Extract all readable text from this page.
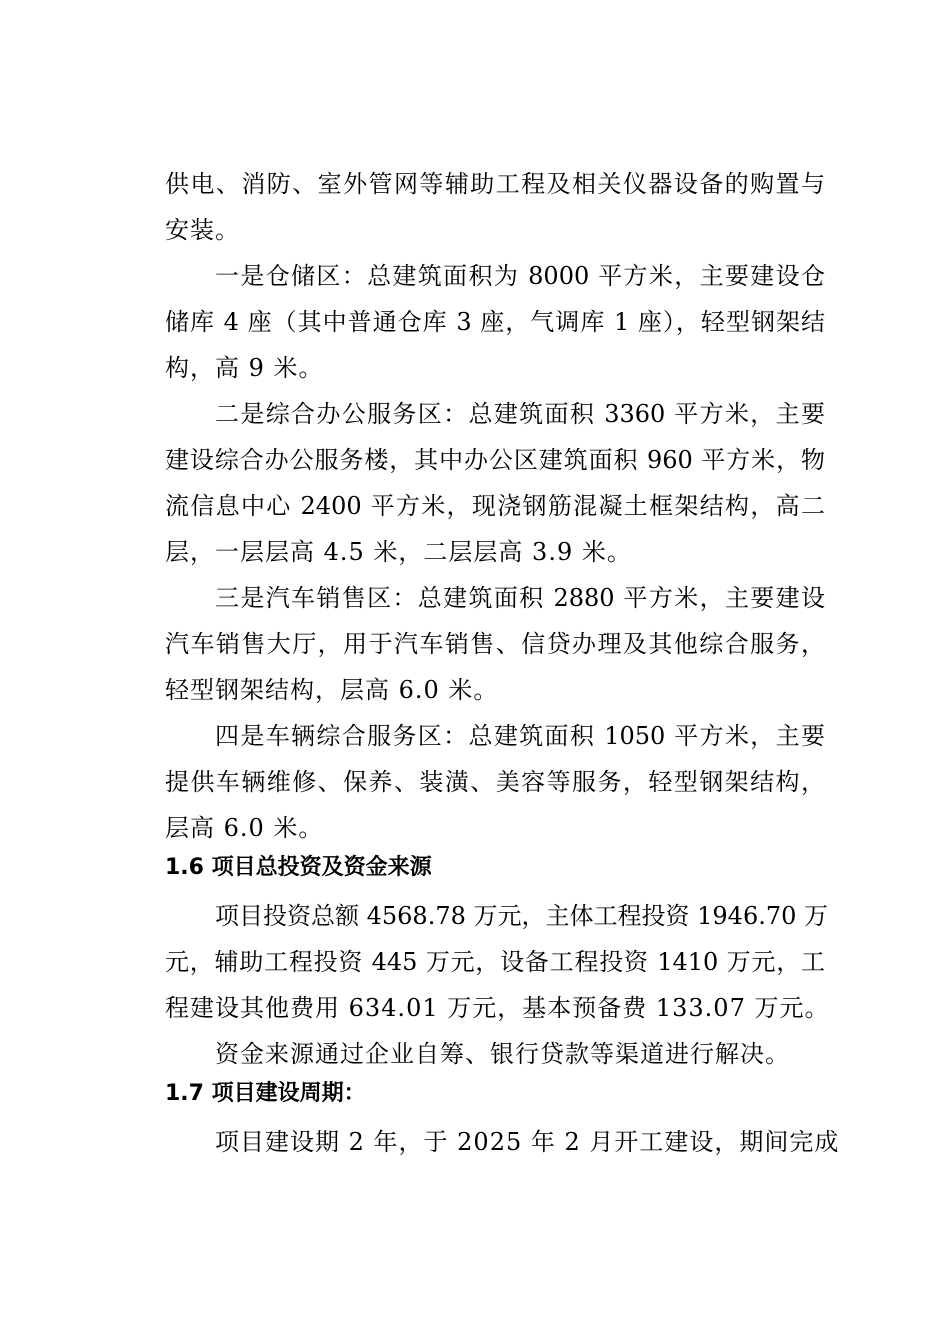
供电、消防、室外管网等辅助工程及相关仪器设备的购置与
安装。
一是仓储区：总建筑面积为 8000 平方米，主要建设仓
储库 4 座（其中普通仓库 3 座，气调库 1 座），轻型钢架结
构，高 9 米。
二是综合办公服务区：总建筑面积 3360 平方米，主要
建设综合办公服务楼，其中办公区建筑面积 960 平方米，物
流信息中心 2400 平方米，现浇钢筋混凝土框架结构，高二
层，一层层高 4.5 米，二层层高 3.9 米。
三是汽车销售区：总建筑面积 2880 平方米，主要建设
汽车销售大厅，用于汽车销售、信贷办理及其他综合服务，
轻型钢架结构，层高 6.0 米。
四是车辆综合服务区：总建筑面积 1050 平方米，主要
提供车辆维修、保养、装潢、美容等服务，轻型钢架结构，
层高 6.0 米。
1.6 项目总投资及资金来源
项目投资总额 4568.78 万元，主体工程投资 1946.70 万
元，辅助工程投资 445 万元，设备工程投资 1410 万元，工
程建设其他费用 634.01 万元，基本预备费 133.07 万元。
资金来源通过企业自筹、银行贷款等渠道进行解决。
1.7 项目建设周期：
项目建设期 2 年，于 2025 年 2 月开工建设，期间完成
